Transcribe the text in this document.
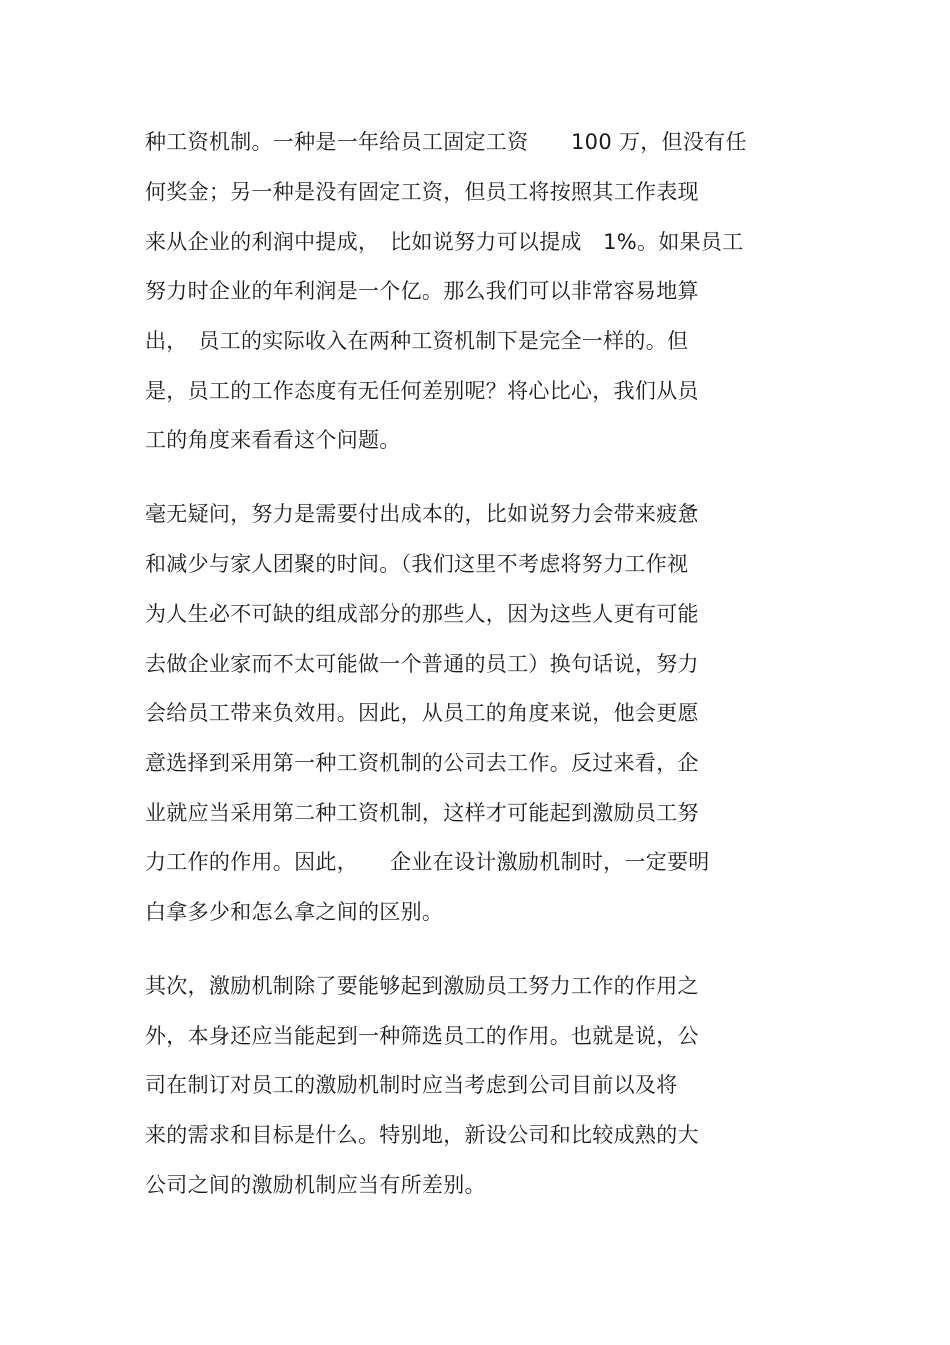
种工资机制。一种是一年给员工固定工资　　100 万，但没有任

何奖金；另一种是没有固定工资，但员工将按照其工作表现

来从企业的利润中提成，　比如说努力可以提成　1%。如果员工

努力时企业的年利润是一个亿。那么我们可以非常容易地算

出，　员工的实际收入在两种工资机制下是完全一样的。但

是，员工的工作态度有无任何差别呢？将心比心，我们从员

工的角度来看看这个问题。

毫无疑问，努力是需要付出成本的，比如说努力会带来疲惫

和减少与家人团聚的时间。（我们这里不考虑将努力工作视

为人生必不可缺的组成部分的那些人，因为这些人更有可能

去做企业家而不太可能做一个普通的员工）换句话说，努力

会给员工带来负效用。因此，从员工的角度来说，他会更愿

意选择到采用第一种工资机制的公司去工作。反过来看，企

业就应当采用第二种工资机制，这样才可能起到激励员工努

力工作的作用。因此，　　企业在设计激励机制时，一定要明

白拿多少和怎么拿之间的区别。

其次，激励机制除了要能够起到激励员工努力工作的作用之

外，本身还应当能起到一种筛选员工的作用。也就是说，公

司在制订对员工的激励机制时应当考虑到公司目前以及将

来的需求和目标是什么。特别地，新设公司和比较成熟的大

公司之间的激励机制应当有所差别。
